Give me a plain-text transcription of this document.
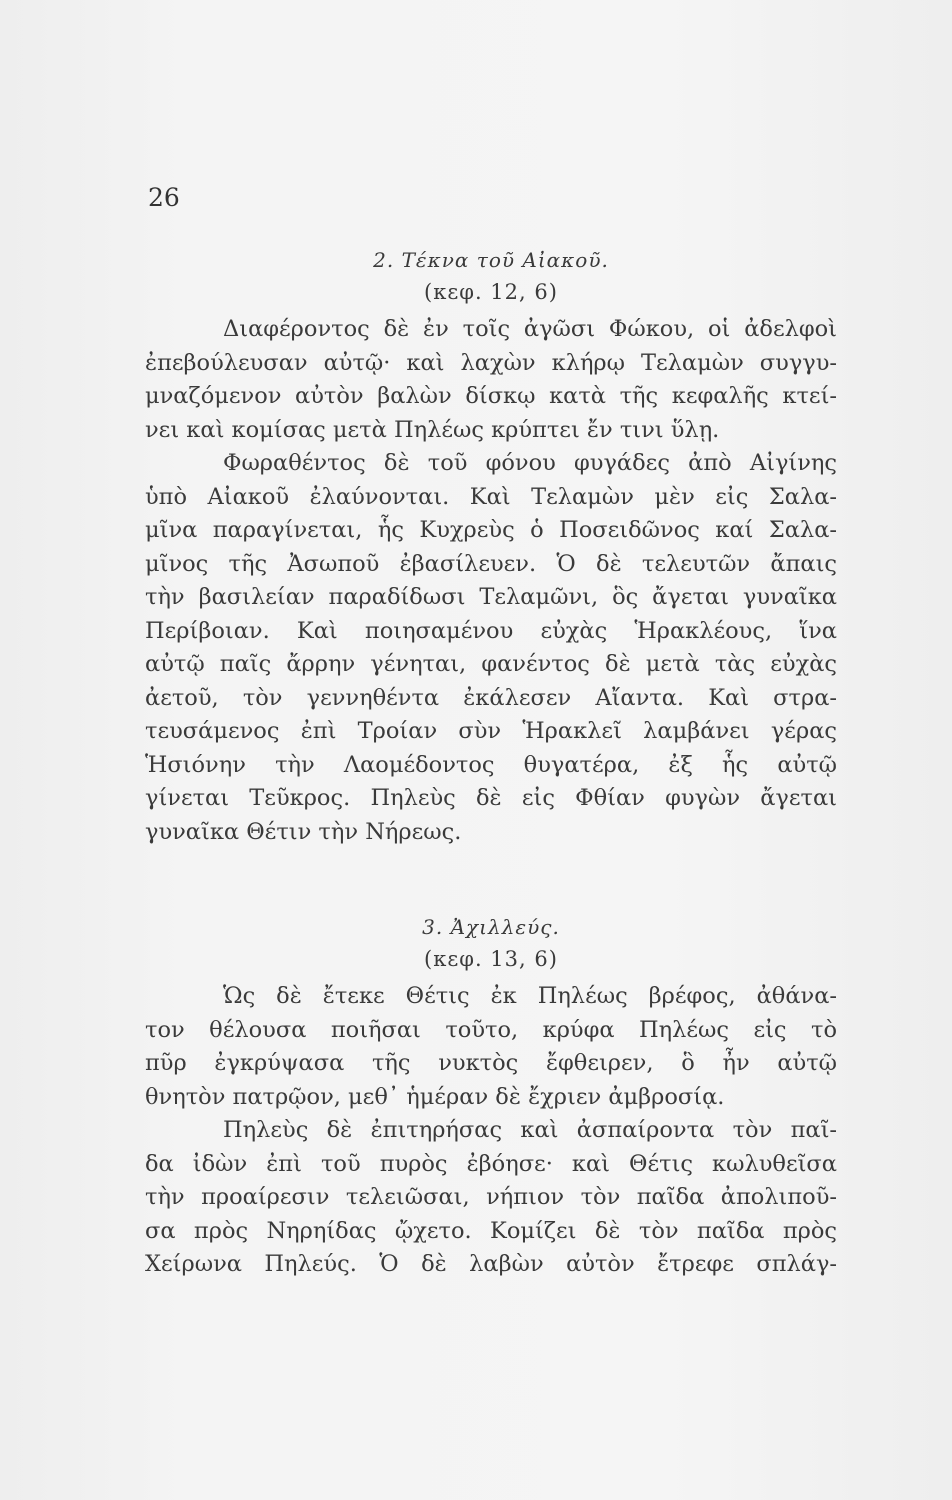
26

2. Τέκνα τοῦ Αἰακοῦ.

(κεφ. 12, 6)

Διαφέροντος δὲ ἐν τοῖς ἀγῶσι Φώκου, οἱ ἀδελφοὶ
ἐπεβούλευσαν αὐτῷ· καὶ λαχὼν κλήρῳ Τελαμὼν συγγυ-
μναζόμενον αὐτὸν βαλὼν δίσκῳ κατὰ τῆς κεφαλῆς κτεί-
νει καὶ κομίσας μετὰ Πηλέως κρύπτει ἔν τινι ὕλῃ.
Φωραθέντος δὲ τοῦ φόνου φυγάδες ἀπὸ Αἰγίνης
ὑπὸ Αἰακοῦ ἐλαύνονται. Καὶ Τελαμὼν μὲν εἰς Σαλα-
μῖνα παραγίνεται, ἧς Κυχρεὺς ὁ Ποσειδῶνος καί Σαλα-
μῖνος τῆς Ἀσωποῦ ἐβασίλευεν. Ὁ δὲ τελευτῶν ἄπαις
τὴν βασιλείαν παραδίδωσι Τελαμῶνι, ὃς ἄγεται γυναῖκα
Περίβοιαν. Καὶ ποιησαμένου εὐχὰς Ἡρακλέους, ἵνα
αὐτῷ παῖς ἄρρην γένηται, φανέντος δὲ μετὰ τὰς εὐχὰς
ἀετοῦ, τὸν γεννηθέντα ἐκάλεσεν Αἴαντα. Καὶ στρα-
τευσάμενος ἐπὶ Τροίαν σὺν Ἡρακλεῖ λαμβάνει γέρας
Ἡσιόνην τὴν Λαομέδοντος θυγατέρα, ἐξ ἧς αὐτῷ
γίνεται Τεῦκρος. Πηλεὺς δὲ εἰς Φθίαν φυγὼν ἄγεται
γυναῖκα Θέτιν τὴν Νήρεως.

3. Ἀχιλλεύς.

(κεφ. 13, 6)

Ὡς δὲ ἔτεκε Θέτις ἐκ Πηλέως βρέφος, ἀθάνα-
τον θέλουσα ποιῆσαι τοῦτο, κρύφα Πηλέως εἰς τὸ
πῦρ ἐγκρύψασα τῆς νυκτὸς ἔφθειρεν, ὃ ἦν αὐτῷ
θνητὸν πατρῷον, μεθ᾽ ἡμέραν δὲ ἔχριεν ἀμβροσίᾳ.
Πηλεὺς δὲ ἐπιτηρήσας καὶ ἀσπαίροντα τὸν παῖ-
δα ἰδὼν ἐπὶ τοῦ πυρὸς ἐβόησε· καὶ Θέτις κωλυθεῖσα
τὴν προαίρεσιν τελειῶσαι, νήπιον τὸν παῖδα ἀπολιποῦ-
σα πρὸς Νηρηίδας ᾤχετο. Κομίζει δὲ τὸν παῖδα πρὸς
Χείρωνα Πηλεύς. Ὁ δὲ λαβὼν αὐτὸν ἔτρεφε σπλάγ-
